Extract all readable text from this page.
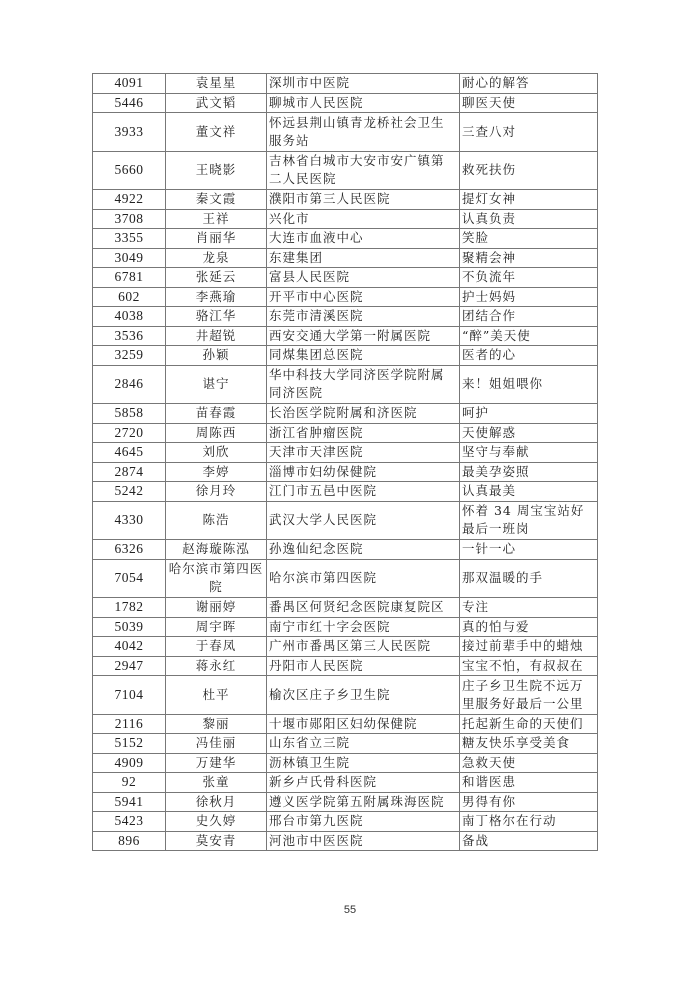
4091	袁星星	深圳市中医院	耐心的解答
5446	武文韬	聊城市人民医院	聊医天使
3933	董文祥	怀远县荆山镇青龙桥社会卫生服务站	三查八对
5660	王晓影	吉林省白城市大安市安广镇第二人民医院	救死扶伤
4922	秦文霞	濮阳市第三人民医院	提灯女神
3708	王祥	兴化市	认真负责
3355	肖丽华	大连市血液中心	笑脸
3049	龙泉	东建集团	聚精会神
6781	张延云	富县人民医院	不负流年
602	李燕瑜	开平市中心医院	护士妈妈
4038	骆江华	东莞市清溪医院	团结合作
3536	井超锐	西安交通大学第一附属医院	“醉”美天使
3259	孙颖	同煤集团总医院	医者的心
2846	谌宁	华中科技大学同济医学院附属同济医院	来！姐姐喂你
5858	苗春霞	长治医学院附属和济医院	呵护
2720	周陈西	浙江省肿瘤医院	天使解惑
4645	刘欣	天津市天津医院	坚守与奉献
2874	李婷	淄博市妇幼保健院	最美孕姿照
5242	徐月玲	江门市五邑中医院	认真最美
4330	陈浩	武汉大学人民医院	怀着 34 周宝宝站好最后一班岗
6326	赵海璇陈泓	孙逸仙纪念医院	一针一心
7054	哈尔滨市第四医院	哈尔滨市第四医院	那双温暖的手
1782	谢丽婷	番禺区何贤纪念医院康复院区	专注
5039	周宇晖	南宁市红十字会医院	真的怕与爱
4042	于春凤	广州市番禺区第三人民医院	接过前辈手中的蜡烛
2947	蒋永红	丹阳市人民医院	宝宝不怕，有叔叔在
7104	杜平	榆次区庄子乡卫生院	庄子乡卫生院不远万里服务好最后一公里
2116	黎丽	十堰市郧阳区妇幼保健院	托起新生命的天使们
5152	冯佳丽	山东省立三院	糖友快乐享受美食
4909	万建华	沥林镇卫生院	急救天使
92	张童	新乡卢氏骨科医院	和谐医患
5941	徐秋月	遵义医学院第五附属珠海医院	男得有你
5423	史久婷	邢台市第九医院	南丁格尔在行动
896	莫安青	河池市中医医院	备战
55
